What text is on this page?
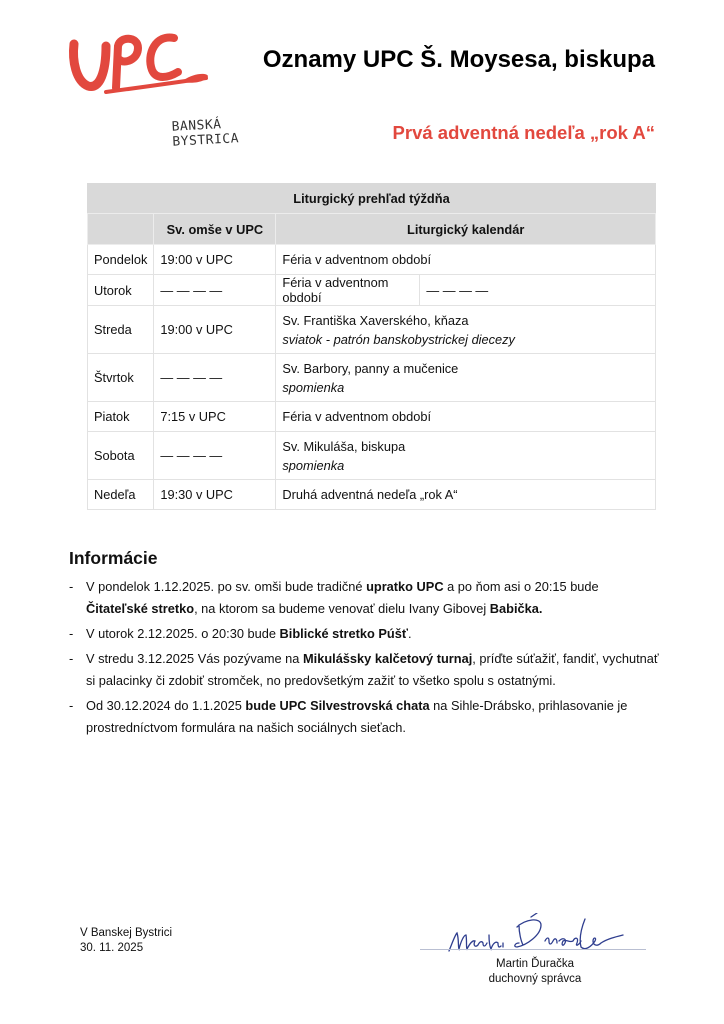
BANSKÁ BYSTRICA
Oznamy UPC Š. Moysesa, biskupa
Prvá adventná nedeľa „rok A“
Liturgický prehľad týždňa			
	Sv. omše v UPC	Liturgický kalendár	
Pondelok	19:00 v UPC	Féria v adventnom období	
Utorok	— — — —	Féria v adventnom období	— — — —
Streda	19:00 v UPC	Sv. Františka Xaverského, kňaza
sviatok - patrón banskobystrickej diecezy	

Štvrtok	— — — —	Sv. Barbory, panny a mučenice
spomienka	

Piatok	7:15 v UPC	Féria v adventnom období	
Sobota	— — — —	Sv. Mikuláša, biskupa
spomienka	

Nedeľa	19:30 v UPC	Druhá adventná nedeľa „rok A“	
Informácie
- V pondelok 1.12.2025. po sv. omši bude tradičné upratko UPC a po ňom asi o 20:15 bude Čitateľské stretko, na ktorom sa budeme venovať dielu Ivany Gibovej Babička.
- V utorok 2.12.2025. o 20:30 bude Biblické stretko Púšť.
- V stredu 3.12.2025 Vás pozývame na Mikulášsky kalčetový turnaj, príďte súťažiť, fandiť, vychutnať si palacinky či zdobiť stromček, no predovšetkým zažiť to všetko spolu s ostatnými.
- Od 30.12.2024 do 1.1.2025 bude UPC Silvestrovská chata na Sihle-Drábsko, prihlasovanie je prostredníctvom formulára na našich sociálnych sieťach.
V Banskej Bystrici
30. 11. 2025
Martin Ďuračka
duchovný správca
